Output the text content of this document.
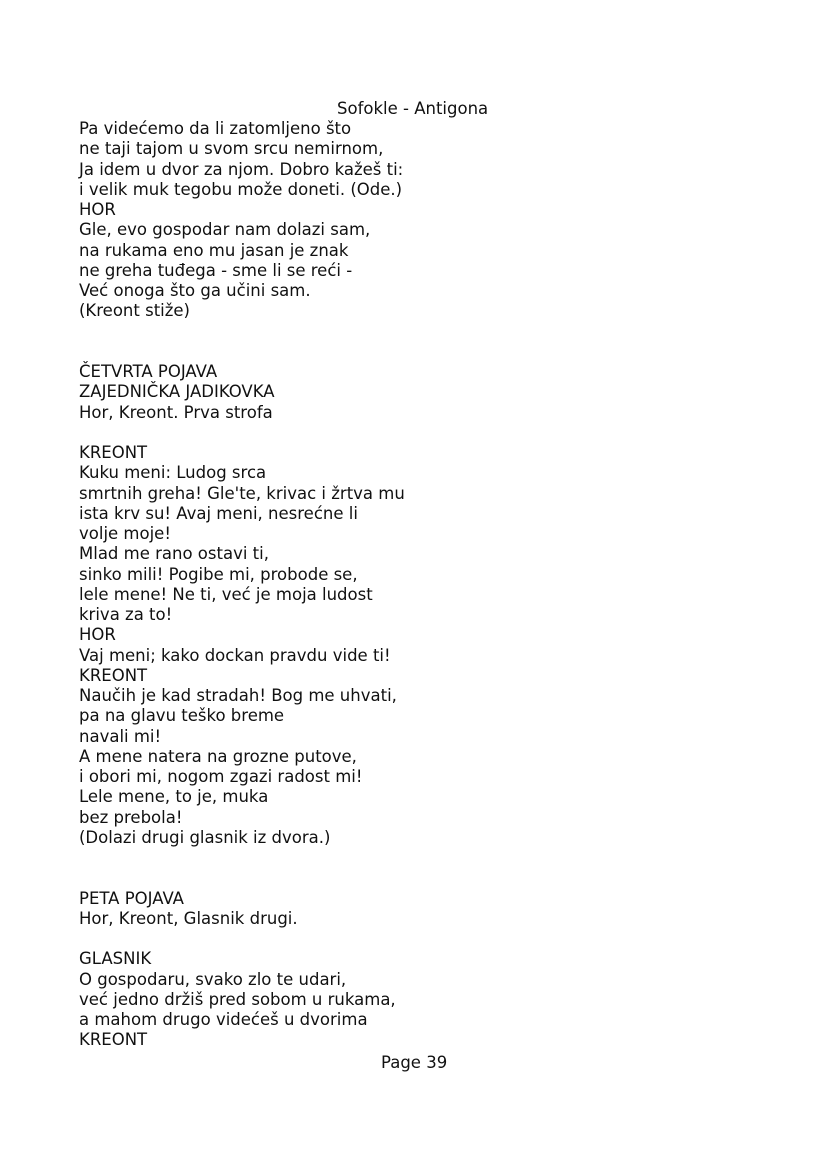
Sofokle - Antigona
Pa videćemo da li zatomljeno što
ne taji tajom u svom srcu nemirnom,
Ja idem u dvor za njom. Dobro kažeš ti:
i velik muk tegobu može doneti. (Ode.)
HOR
Gle, evo gospodar nam dolazi sam,
na rukama eno mu jasan je znak
ne greha tuđega - sme li se reći -
Već onoga što ga učini sam.
(Kreont stiže)
ČETVRTA POJAVA
ZAJEDNIČKA JADIKOVKA
Hor, Kreont. Prva strofa
KREONT
Kuku meni: Ludog srca
smrtnih greha! Gle'te, krivac i žrtva mu
ista krv su! Avaj meni, nesrećne li
volje moje!
Mlad me rano ostavi ti,
sinko mili! Pogibe mi, probode se,
lele mene! Ne ti, već je moja ludost
kriva za to!
HOR
Vaj meni; kako dockan pravdu vide ti!
KREONT
Naučih je kad stradah! Bog me uhvati,
pa na glavu teško breme
navali mi!
A mene natera na grozne putove,
i obori mi, nogom zgazi radost mi!
Lele mene, to je, muka
bez prebola!
(Dolazi drugi glasnik iz dvora.)
PETA POJAVA
Hor, Kreont, Glasnik drugi.
GLASNIK
O gospodaru, svako zlo te udari,
već jedno držiš pred sobom u rukama,
a mahom drugo videćeš u dvorima
KREONT
Page 39
